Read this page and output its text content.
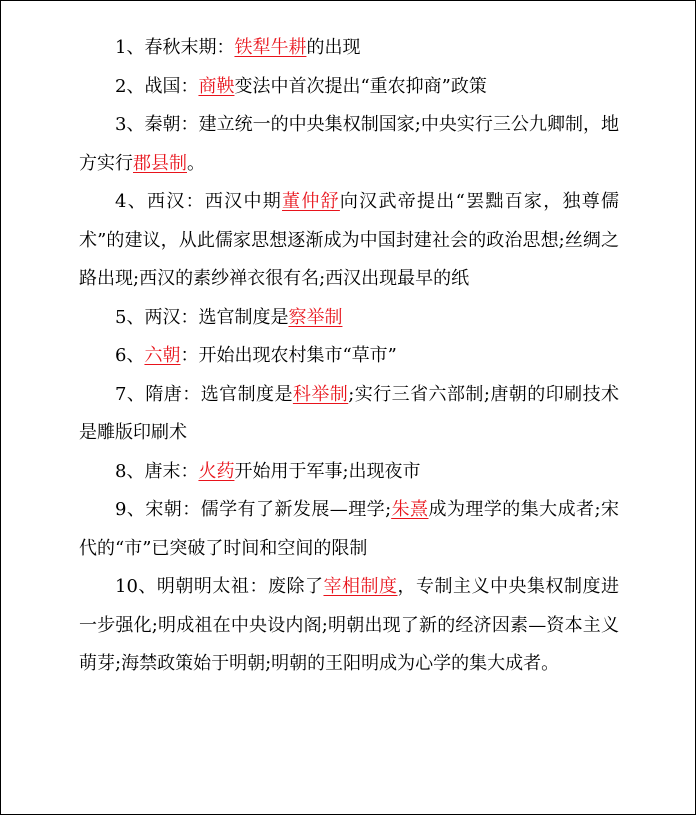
1、春秋末期：铁犁牛耕的出现

2、战国：商鞅变法中首次提出“重农抑商”政策

3、秦朝：建立统一的中央集权制国家;中央实行三公九卿制，地方实行郡县制。

4、西汉：西汉中期董仲舒向汉武帝提出“罢黜百家，独尊儒术”的建议，从此儒家思想逐渐成为中国封建社会的政治思想;丝绸之路出现;西汉的素纱禅衣很有名;西汉出现最早的纸

5、两汉：选官制度是察举制

6、六朝：开始出现农村集市“草市”

7、隋唐：选官制度是科举制;实行三省六部制;唐朝的印刷技术是雕版印刷术

8、唐末：火药开始用于军事;出现夜市

9、宋朝：儒学有了新发展—理学;朱熹成为理学的集大成者;宋代的“市”已突破了时间和空间的限制

10、明朝明太祖：废除了宰相制度，专制主义中央集权制度进一步强化;明成祖在中央设内阁;明朝出现了新的经济因素—资本主义萌芽;海禁政策始于明朝;明朝的王阳明成为心学的集大成者。
